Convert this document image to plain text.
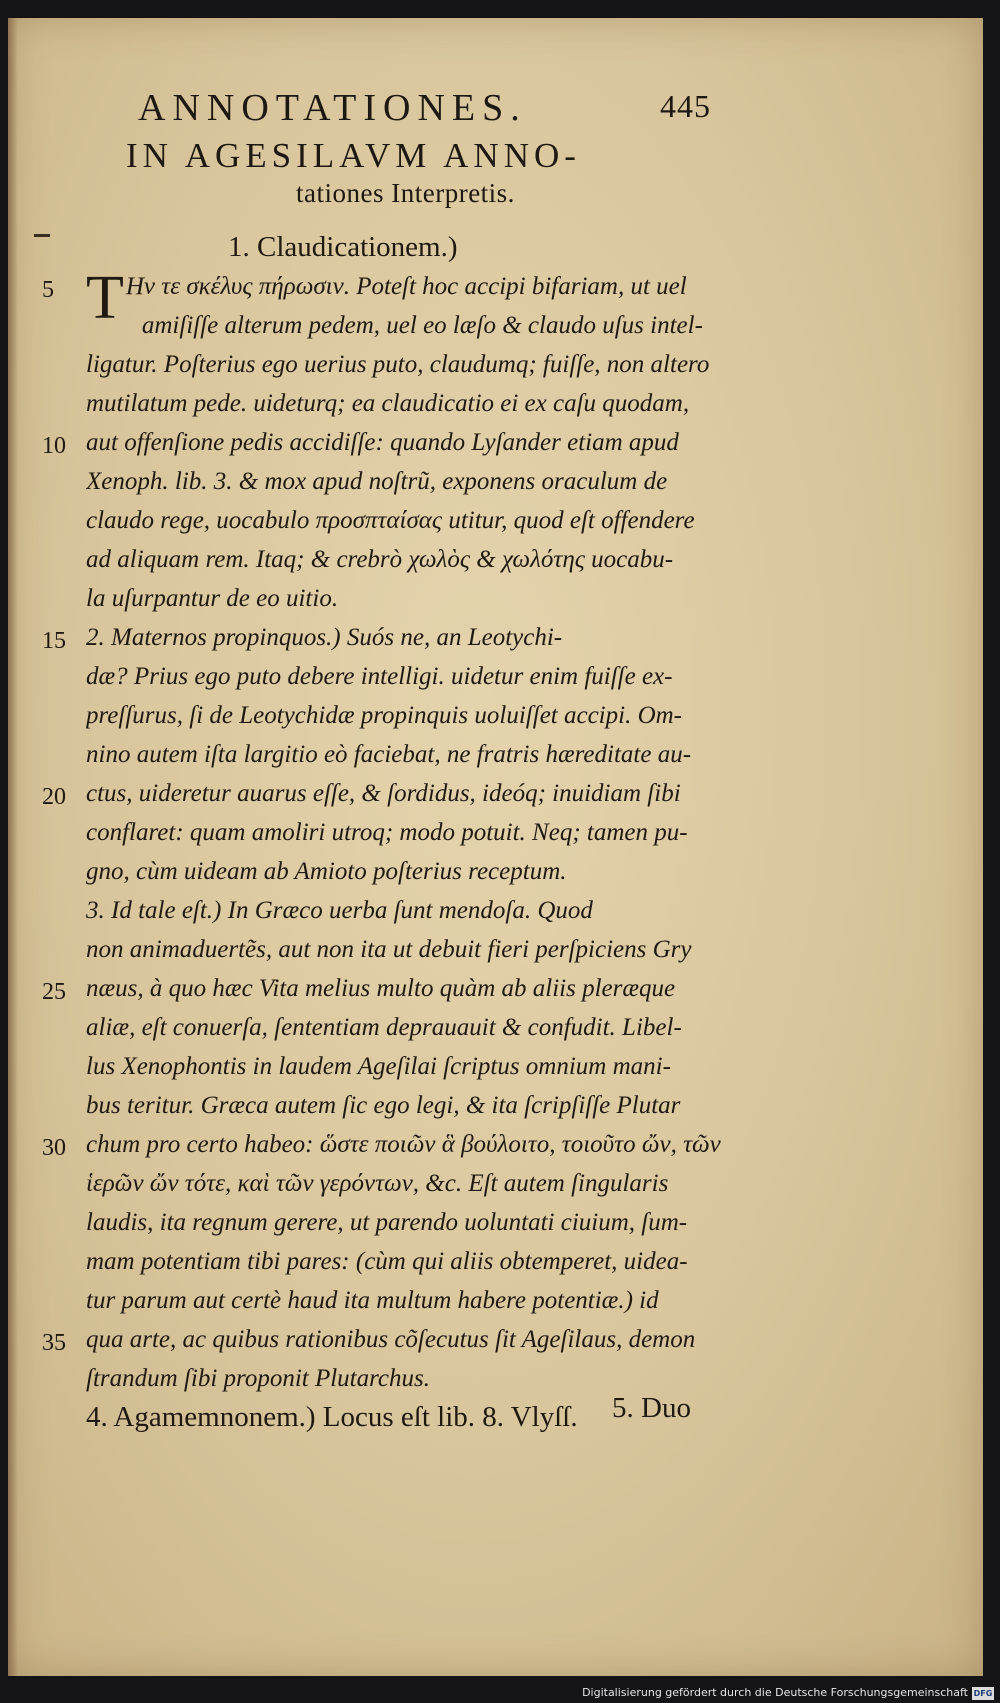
ANNOTATIONES.	445
IN AGESILAVM ANNO-
tationes Interpretis.
1. Claudicationem.)
T Ην τε σκέλυς πήρωσιν. Poteſt hoc accipi bifariam, ut uel
amiſiſſe alterum pedem, uel eo læſo & claudo uſus intel-
ligatur. Poſterius ego uerius puto, claudumq; fuiſſe, non altero
mutilatum pede. uideturq; ea claudicatio ei ex caſu quodam,
aut offenſione pedis accidiſſe: quando Lyſander etiam apud
Xenoph. lib. 3. & mox apud noſtrũ, exponens oraculum de
claudo rege, uocabulo προσπταίσας utitur, quod eſt offendere
ad aliquam rem. Itaq; & crebrò χωλὸς & χωλότης uocabu-
la uſurpantur de eo uitio.
2. Maternos propinquos.) Suós ne, an Leotychi-
dæ? Prius ego puto debere intelligi. uidetur enim fuiſſe ex-
preſſurus, ſi de Leotychidæ propinquis uoluiſſet accipi. Om-
nino autem iſta largitio eò faciebat, ne fratris hæreditate au-
ctus, uideretur auarus eſſe, & ſordidus, ideóq; inuidiam ſibi
conflaret: quam amoliri utroq; modo potuit. Neq; tamen pu-
gno, cùm uideam ab Amioto poſterius receptum.
3. Id tale eſt.) In Græco uerba ſunt mendoſa. Quod
non animaduertẽs, aut non ita ut debuit fieri perſpiciens Gry
næus, à quo hæc Vita melius multo quàm ab aliis pleræque
aliæ, eſt conuerſa, ſententiam deprauauit & confudit. Libel-
lus Xenophontis in laudem Ageſilai ſcriptus omnium mani-
bus teritur. Græca autem ſic ego legi, & ita ſcripſiſſe Plutar
chum pro certo habeo: ὥστε ποιῶν ἃ βούλοιτο, τοιοῦτο ὤν, τῶν
ἱερῶν ὤν τότε, καὶ τῶν γερόντων, &c. Eſt autem ſingularis
laudis, ita regnum gerere, ut parendo uoluntati ciuium, ſum-
mam potentiam tibi pares: (cùm qui aliis obtemperet, uidea-
tur parum aut certè haud ita multum habere potentiæ.) id
qua arte, ac quibus rationibus cõſecutus ſit Ageſilaus, demon
ſtrandum ſibi proponit Plutarchus.
4. Agamemnonem.) Locus eſt lib. 8. Vlyſſ.	5. Duo
5
10
15
20
25
30
35
Digitalisierung gefördert durch die Deutsche Forschungsgemeinschaft DFG
